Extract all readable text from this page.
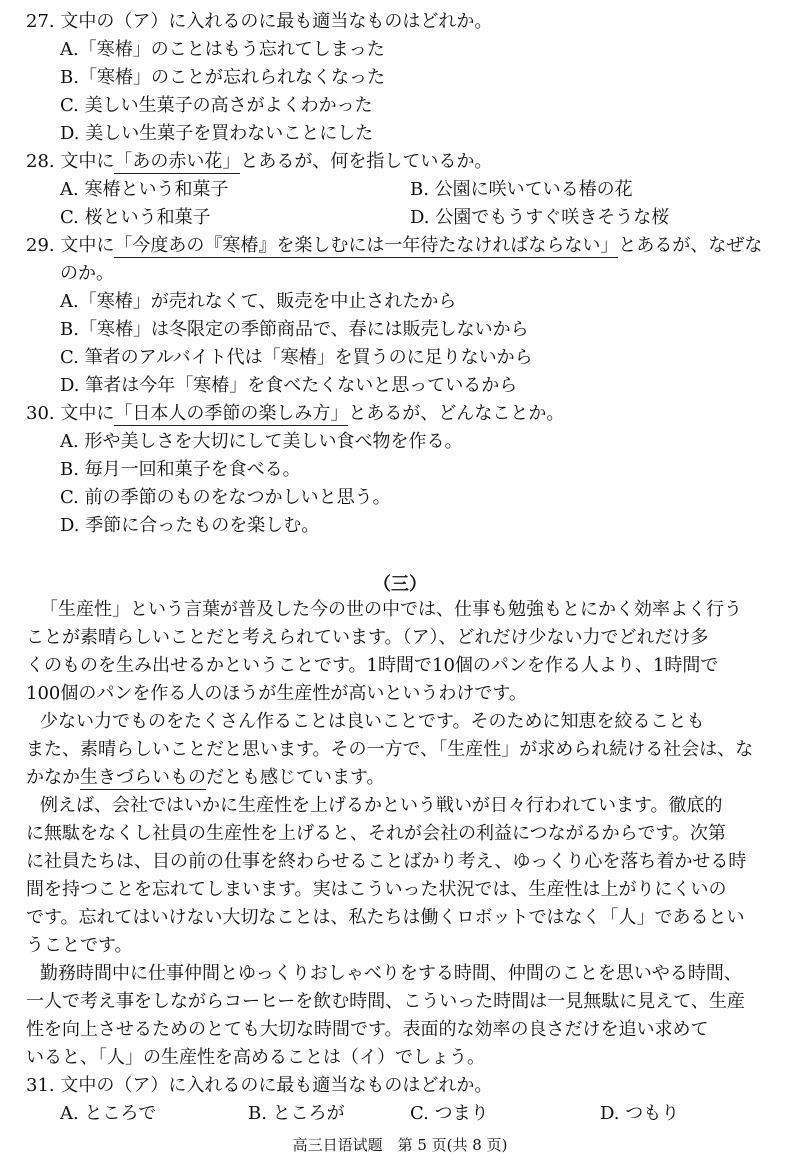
27. 文中の（ア）に入れるのに最も適当なものはどれか。
A.「寒椿」のことはもう忘れてしまった
B.「寒椿」のことが忘れられなくなった
C. 美しい生菓子の高さがよくわかった
D. 美しい生菓子を買わないことにした
28. 文中に「あの赤い花」とあるが、何を指しているか。
A. 寒椿という和菓子	B. 公園に咲いている椿の花
C. 桜という和菓子	D. 公園でもうすぐ咲きそうな桜
29. 文中に「今度あの『寒椿』を楽しむには一年待たなければならない」とあるが、なぜな
のか。
A.「寒椿」が売れなくて、販売を中止されたから
B.「寒椿」は冬限定の季節商品で、春には販売しないから
C. 筆者のアルバイト代は「寒椿」を買うのに足りないから
D. 筆者は今年「寒椿」を食べたくないと思っているから
30. 文中に「日本人の季節の楽しみ方」とあるが、どんなことか。
A. 形や美しさを大切にして美しい食べ物を作る。
B. 毎月一回和菓子を食べる。
C. 前の季節のものをなつかしいと思う。
D. 季節に合ったものを楽しむ。
（三）
「生産性」という言葉が普及した今の世の中では、仕事も勉強もとにかく効率よく行う
ことが素晴らしいことだと考えられています。（ア）、どれだけ少ない力でどれだけ多
くのものを生み出せるかということです。1時間で10個のパンを作る人より、1時間で
100個のパンを作る人のほうが生産性が高いというわけです。
少ない力でものをたくさん作ることは良いことです。そのために知恵を絞ることも
また、素晴らしいことだと思います。その一方で、「生産性」が求められ続ける社会は、な
かなか生きづらいものだとも感じています。
例えば、会社ではいかに生産性を上げるかという戦いが日々行われています。徹底的
に無駄をなくし社員の生産性を上げると、それが会社の利益につながるからです。次第
に社員たちは、目の前の仕事を終わらせることばかり考え、ゆっくり心を落ち着かせる時
間を持つことを忘れてしまいます。実はこういった状況では、生産性は上がりにくいの
です。忘れてはいけない大切なことは、私たちは働くロボットではなく「人」であるとい
うことです。
勤務時間中に仕事仲間とゆっくりおしゃべりをする時間、仲間のことを思いやる時間、
一人で考え事をしながらコーヒーを飲む時間、こういった時間は一見無駄に見えて、生産
性を向上させるためのとても大切な時間です。表面的な効率の良さだけを追い求めて
いると、「人」の生産性を高めることは（イ）でしょう。
31. 文中の（ア）に入れるのに最も適当なものはどれか。
A. ところで	B. ところが	C. つまり	D. つもり
高三日语试题　第 5 页(共 8 页)
